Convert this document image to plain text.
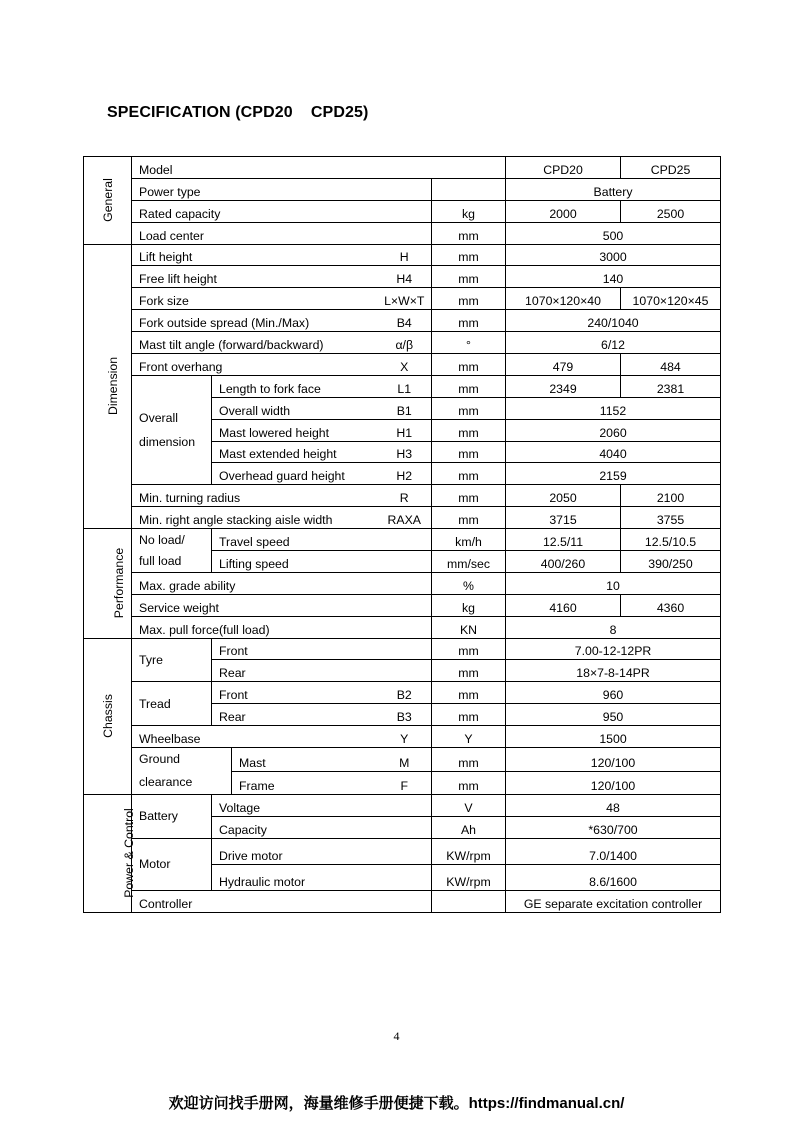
SPECIFICATION (CPD20    CPD25)
General	Model					CPD20	CPD25
	Power type					Battery	
	Rated capacity				kg	2000	2500
	Load center				mm	500	
Dimension	Lift height			H	mm	3000	
	Free lift height			H4	mm	140	
	Fork size			L×W×T	mm	1070×120×40	1070×120×45
	Fork outside spread (Min./Max)			B4	mm	240/1040	
	Mast tilt angle (forward/backward)			α/β	°	6/12	
	Front overhang			X	mm	479	484
	Overall
dimension	Length to fork face		L1	mm	2349	2381
		Overall width		B1	mm	1152	
		Mast lowered height		H1	mm	2060	
		Mast extended height		H3	mm	4040	
		Overhead guard height		H2	mm	2159	
	Min. turning radius			R	mm	2050	2100
	Min. right angle stacking aisle width			RAXA	mm	3715	3755
Performance	No load/
full load	Travel speed			km/h	12.5/11	12.5/10.5
		Lifting speed			mm/sec	400/260	390/250
	Max. grade ability				%	10	
	Service weight				kg	4160	4360
	Max. pull force(full load)				KN	8	
Chassis	Tyre	Front			mm	7.00-12-12PR	
		Rear			mm	18×7-8-14PR	
	Tread	Front		B2	mm	960	
		Rear		B3	mm	950	
	Wheelbase			Y	Y	1500	
	Ground
clearance		Mast	M	mm	120/100	
			Frame	F	mm	120/100	
Power & Control	Battery	Voltage			V	48	
		Capacity			Ah	*630/700	
	Motor	Drive motor			KW/rpm	7.0/1400	
		Hydraulic motor			KW/rpm	8.6/1600	
	Controller					GE separate excitation controller	
4
欢迎访问找手册网，海量维修手册便捷下载。https://findmanual.cn/
